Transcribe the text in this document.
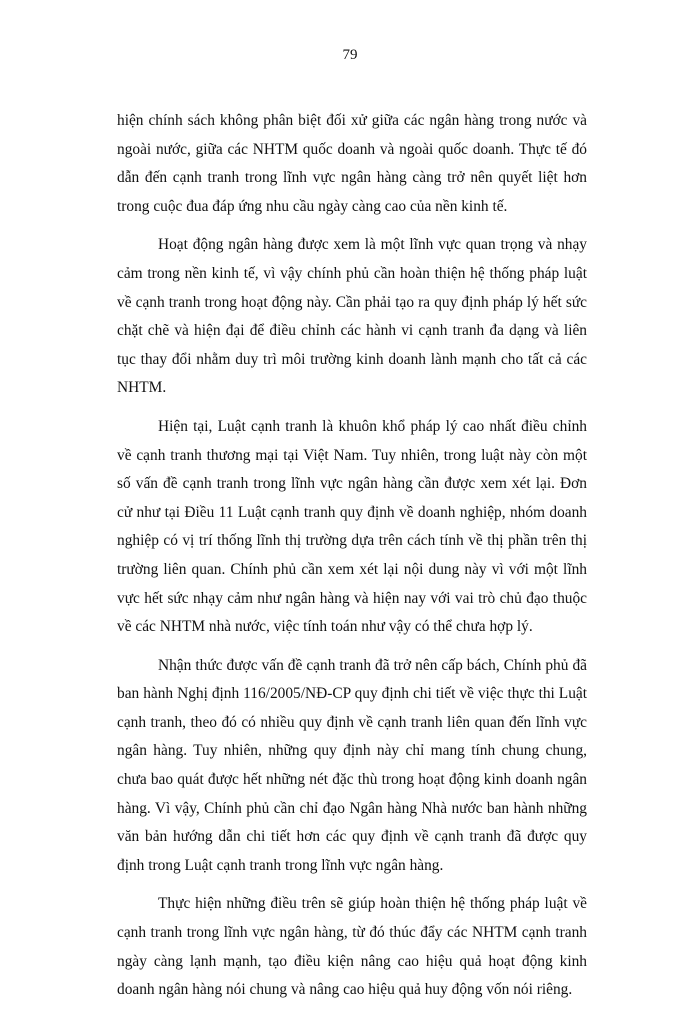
79

hiện chính sách không phân biệt đối xử giữa các ngân hàng trong nước và ngoài nước, giữa các NHTM quốc doanh và ngoài quốc doanh. Thực tế đó dẫn đến cạnh tranh trong lĩnh vực ngân hàng càng trở nên quyết liệt hơn trong cuộc đua đáp ứng nhu cầu ngày càng cao của nền kinh tế.

Hoạt động ngân hàng được xem là một lĩnh vực quan trọng và nhạy cảm trong nền kinh tế, vì vậy chính phủ cần hoàn thiện hệ thống pháp luật về cạnh tranh trong hoạt động này. Cần phải tạo ra quy định pháp lý hết sức chặt chẽ và hiện đại để điều chỉnh các hành vi cạnh tranh đa dạng và liên tục thay đổi nhằm duy trì môi trường kinh doanh lành mạnh cho tất cả các NHTM.

Hiện tại, Luật cạnh tranh là khuôn khổ pháp lý cao nhất điều chỉnh về cạnh tranh thương mại tại Việt Nam. Tuy nhiên, trong luật này còn một số vấn đề cạnh tranh trong lĩnh vực ngân hàng cần được xem xét lại. Đơn cử như tại Điều 11 Luật cạnh tranh quy định về doanh nghiệp, nhóm doanh nghiệp có vị trí thống lĩnh thị trường dựa trên cách tính về thị phần trên thị trường liên quan. Chính phủ cần xem xét lại nội dung này vì với một lĩnh vực hết sức nhạy cảm như ngân hàng và hiện nay với vai trò chủ đạo thuộc về các NHTM nhà nước, việc tính toán như vậy có thể chưa hợp lý.

Nhận thức được vấn đề cạnh tranh đã trở nên cấp bách, Chính phủ đã ban hành Nghị định 116/2005/NĐ-CP quy định chi tiết về việc thực thi Luật cạnh tranh, theo đó có nhiều quy định về cạnh tranh liên quan đến lĩnh vực ngân hàng. Tuy nhiên, những quy định này chỉ mang tính chung chung, chưa bao quát được hết những nét đặc thù trong hoạt động kinh doanh ngân hàng. Vì vậy, Chính phủ cần chỉ đạo Ngân hàng Nhà nước ban hành những văn bản hướng dẫn chi tiết hơn các quy định về cạnh tranh đã được quy định trong Luật cạnh tranh trong lĩnh vực ngân hàng.

Thực hiện những điều trên sẽ giúp hoàn thiện hệ thống pháp luật về cạnh tranh trong lĩnh vực ngân hàng, từ đó thúc đẩy các NHTM cạnh tranh ngày càng lạnh mạnh, tạo điều kiện nâng cao hiệu quả hoạt động kinh doanh ngân hàng nói chung và nâng cao hiệu quả huy động vốn nói riêng.
